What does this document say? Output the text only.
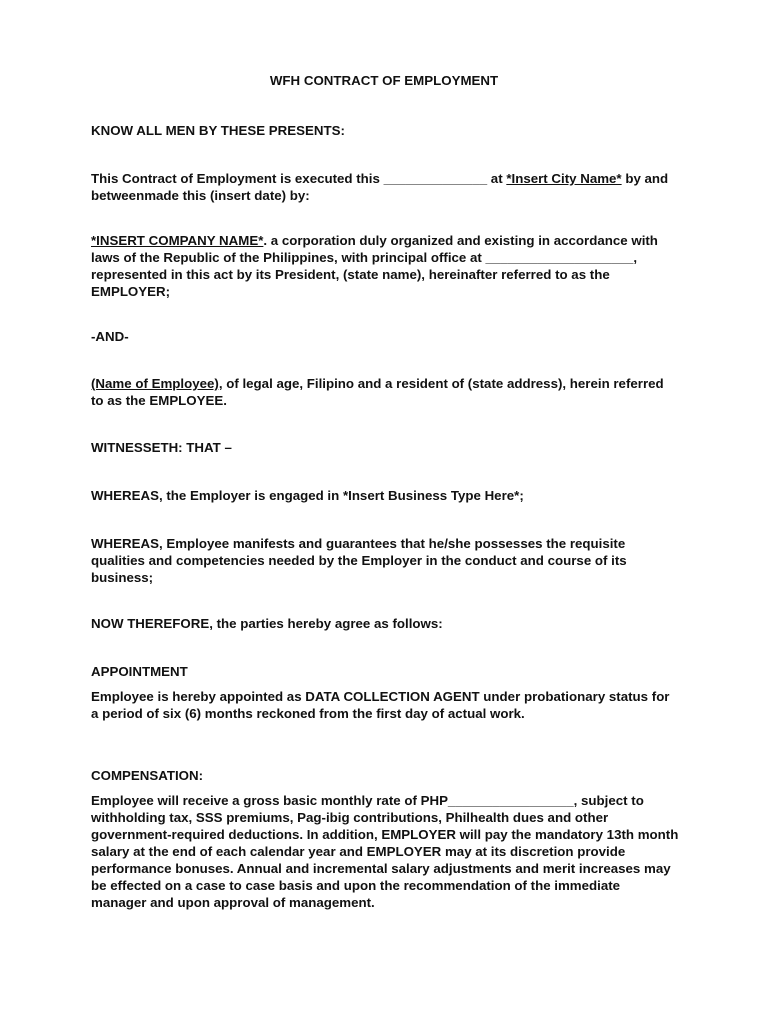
WFH CONTRACT OF EMPLOYMENT

KNOW ALL MEN BY THESE PRESENTS:

This Contract of Employment is executed this ______________ at *Insert City Name* by and betweenmade this (insert date) by:

*INSERT COMPANY NAME*. a corporation duly organized and existing in accordance with laws of the Republic of the Philippines, with principal office at ____________________, represented in this act by its President, (state name), hereinafter referred to as the EMPLOYER;

-AND-

(Name of Employee), of legal age, Filipino and a resident of (state address), herein referred to as the EMPLOYEE.

WITNESSETH: THAT –

WHEREAS, the Employer is engaged in *Insert Business Type Here*;

WHEREAS, Employee manifests and guarantees that he/she possesses the requisite qualities and competencies needed by the Employer in the conduct and course of its business;

NOW THEREFORE, the parties hereby agree as follows:

APPOINTMENT

Employee is hereby appointed as DATA COLLECTION AGENT under probationary status for a period of six (6) months reckoned from the first day of actual work.

COMPENSATION:

Employee will receive a gross basic monthly rate of PHP_________________, subject to withholding tax, SSS premiums, Pag-ibig contributions, Philhealth dues and other government-required deductions. In addition, EMPLOYER will pay the mandatory 13th month salary at the end of each calendar year and EMPLOYER may at its discretion provide performance bonuses. Annual and incremental salary adjustments and merit increases may be effected on a case to case basis and upon the recommendation of the immediate manager and upon approval of management.
